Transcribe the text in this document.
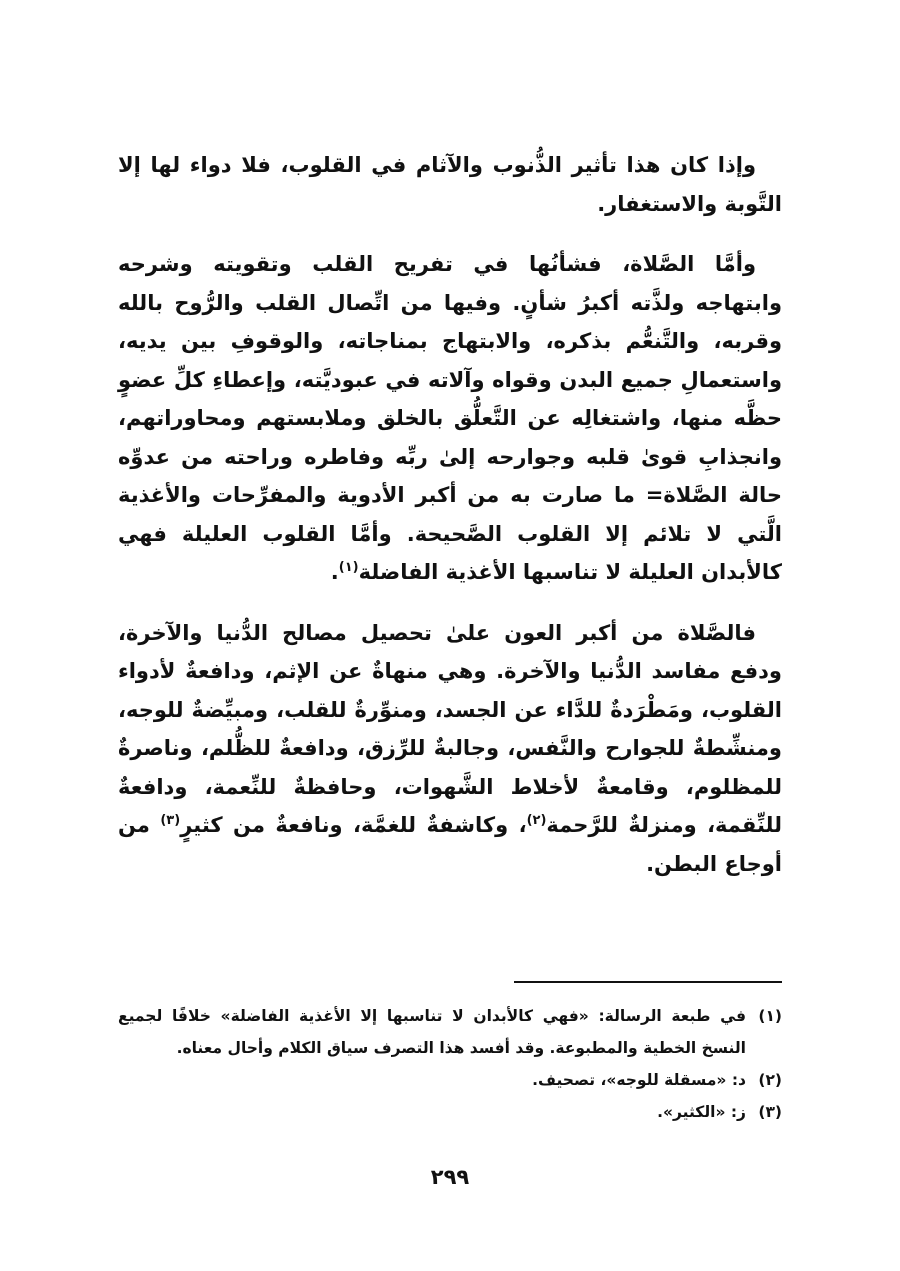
وإذا كان هذا تأثير الذُّنوب والآثام في القلوب، فلا دواء لها إلا التَّوبة والاستغفار.

وأمَّا الصَّلاة، فشأنُها في تفريح القلب وتقويته وشرحه وابتهاجه ولذَّته أكبرُ شأنٍ. وفيها من اتِّصال القلب والرُّوح بالله وقربه، والتَّنعُّم بذكره، والابتهاج بمناجاته، والوقوفِ بين يديه، واستعمالِ جميع البدن وقواه وآلاته في عبوديَّته، وإعطاءِ كلِّ عضوٍ حظَّه منها، واشتغالِه عن التَّعلُّق بالخلق وملابستهم ومحاوراتهم، وانجذابِ قوىٰ قلبه وجوارحه إلىٰ ربِّه وفاطره وراحته من عدوِّه حالة الصَّلاة= ما صارت به من أكبر الأدوية والمفرِّحات والأغذية الَّتي لا تلائم إلا القلوب الصَّحيحة. وأمَّا القلوب العليلة فهي كالأبدان العليلة لا تناسبها الأغذية الفاضلة$^{(١)}$.

فالصَّلاة من أكبر العون علىٰ تحصيل مصالح الدُّنيا والآخرة، ودفع مفاسد الدُّنيا والآخرة. وهي منهاةٌ عن الإثم، ودافعةٌ لأدواء القلوب، ومَطْرَدةٌ للدَّاء عن الجسد، ومنوِّرةٌ للقلب، ومبيِّضةٌ للوجه، ومنشِّطةٌ للجوارح والنَّفس، وجالبةٌ للرِّزق، ودافعةٌ للظُّلم، وناصرةٌ للمظلوم، وقامعةٌ لأخلاط الشَّهوات، وحافظةٌ للنِّعمة، ودافعةٌ للنِّقمة، ومنزلةٌ للرَّحمة$^{(٢)}$، وكاشفةٌ للغمَّة، ونافعةٌ من كثيرٍ$^{(٣)}$ من أوجاع البطن.

(١)
في طبعة الرسالة: «فهي كالأبدان لا تناسبها إلا الأغذية الفاضلة» خلافًا لجميع النسخ الخطية والمطبوعة. وقد أفسد هذا التصرف سياق الكلام وأحال معناه.
(٢)
د: «مسقلة للوجه»، تصحيف.
(٣)
ز: «الكثير».
٢٩٩
